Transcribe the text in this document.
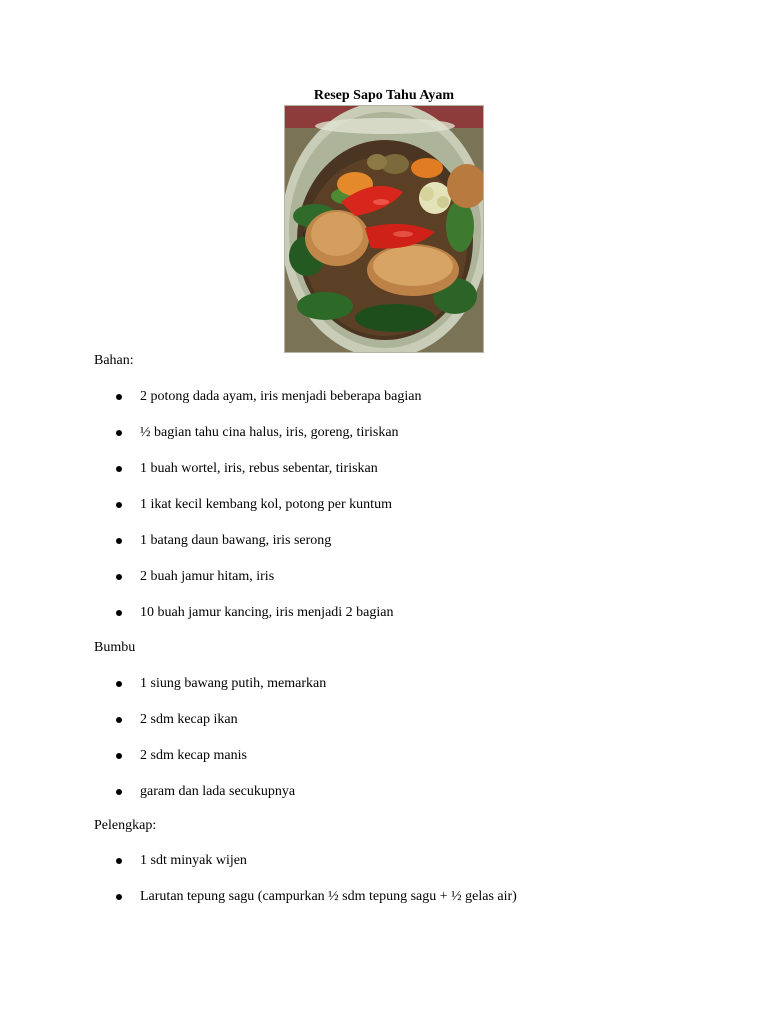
Resep Sapo Tahu Ayam
Bahan:
2 potong dada ayam, iris menjadi beberapa bagian
½ bagian tahu cina halus, iris, goreng, tiriskan
1 buah wortel, iris, rebus sebentar, tiriskan
1 ikat kecil kembang kol, potong per kuntum
1 batang daun bawang, iris serong
2 buah jamur hitam, iris
10 buah jamur kancing, iris menjadi 2 bagian
Bumbu
1 siung bawang putih, memarkan
2 sdm kecap ikan
2 sdm kecap manis
garam dan lada secukupnya
Pelengkap:
1 sdt minyak wijen
Larutan tepung sagu (campurkan ½ sdm tepung sagu + ½ gelas air)
